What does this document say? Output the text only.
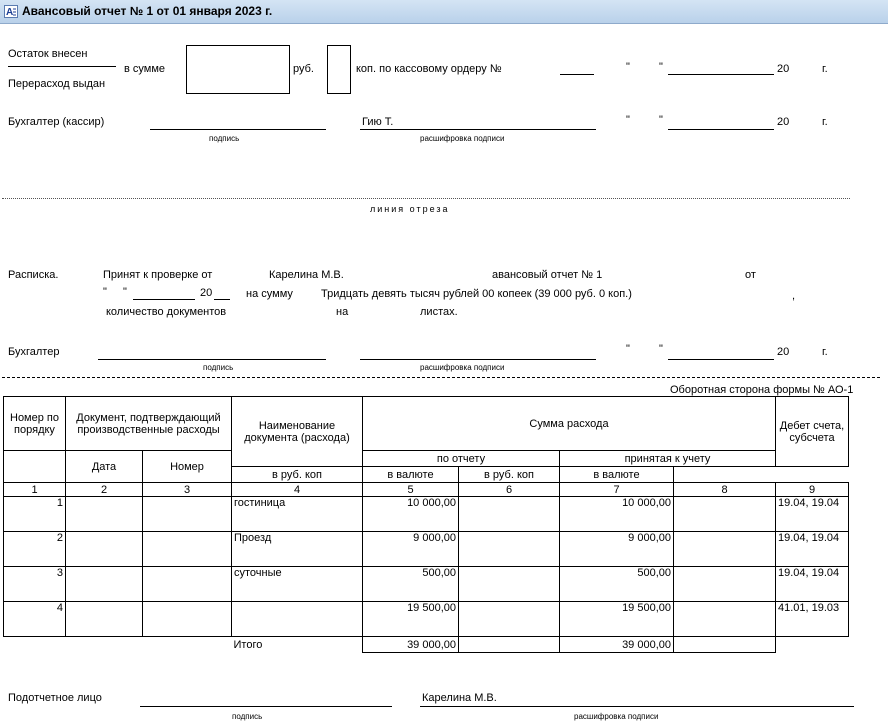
A Авансовый отчет № 1 от 01 января 2023 г.
Остаток внесен
Перерасход выдан
в сумме	руб.	коп. по кассовому ордеру №	"	"	20	г.
Бухгалтер (кассир)
подпись
Гию Т.
расшифровка подписи
"	"	20	г.
линия отреза
Расписка.	Принят к проверке от	Карелина М.В.	авансовый отчет № 1	от
" "	20	на сумму	Тридцать девять тысяч рублей 00 копеек (39 000 руб. 0 коп.)	,
количество документов	на	листах.
Бухгалтер
подпись	расшифровка подписи
"	"	20	г.
Оборотная сторона формы № АО-1
Номер по порядку	Документ, подтверждающий производственные расходы		Наименование документа (расхода)	Сумма расхода				Дебет счета, субсчета

	Дата	Номер		по отчету		принятая к учету		
			в руб. коп	в валюте	в руб. коп	в валюте		
1	2	3	4	5	6	7	8	9
1			гостиница	10 000,00		10 000,00		19.04, 19.04
2			Проезд	9 000,00		9 000,00		19.04, 19.04
3			суточные	500,00		500,00		19.04, 19.04
4				19 500,00		19 500,00		41.01, 19.03
			Итого	39 000,00		39 000,00		
Подотчетное лицо
подпись
Карелина М.В.
расшифровка подписи
